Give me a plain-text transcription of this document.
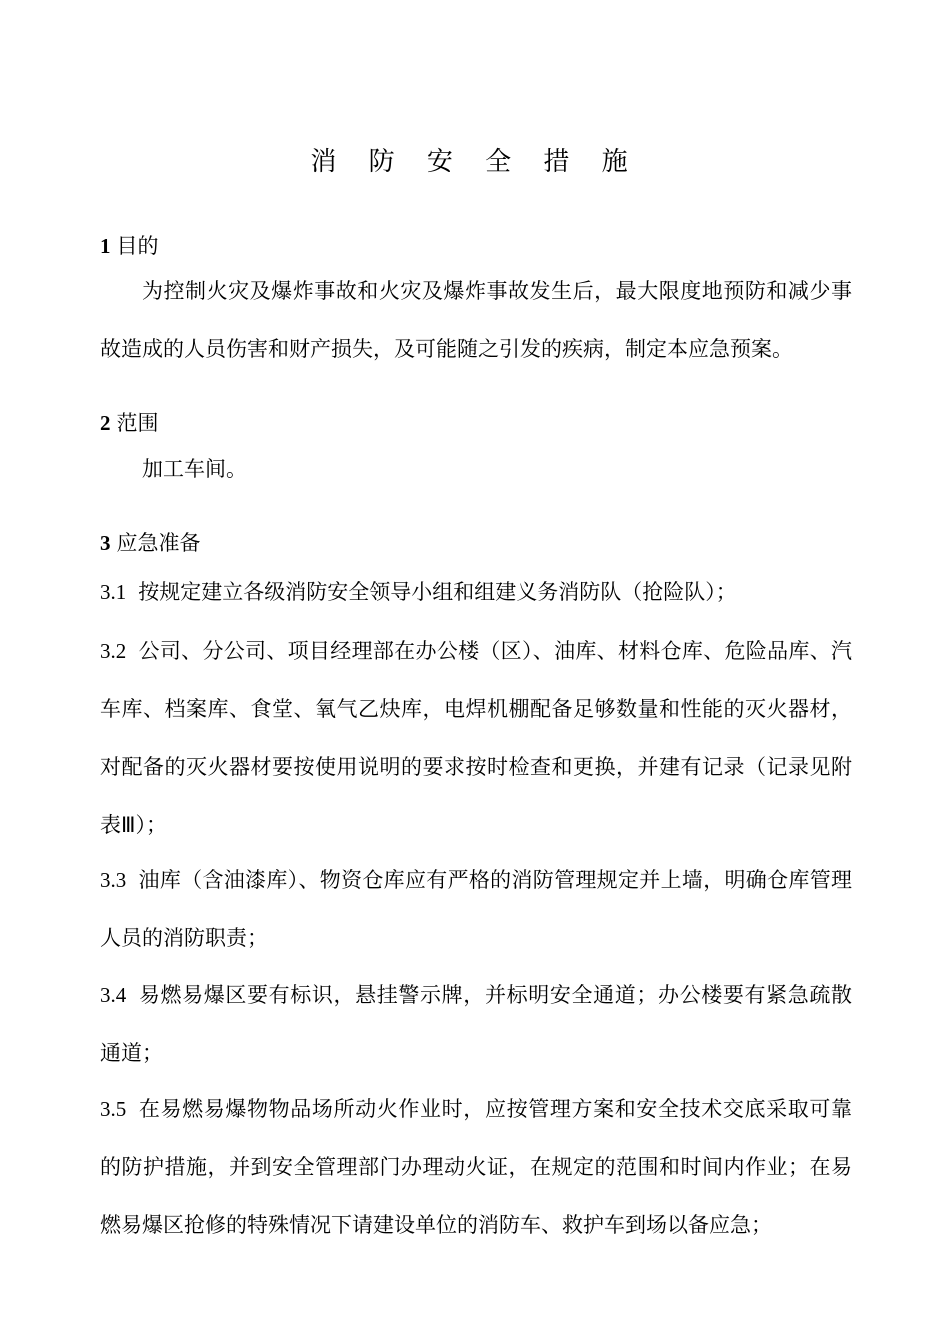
消 防 安 全 措 施
1 目的
为控制火灾及爆炸事故和火灾及爆炸事故发生后，最大限度地预防和减少事故造成的人员伤害和财产损失，及可能随之引发的疾病，制定本应急预案。
2 范围
加工车间。
3 应急准备
3.1 按规定建立各级消防安全领导小组和组建义务消防队（抢险队）；
3.2 公司、分公司、项目经理部在办公楼（区）、油库、材料仓库、危险品库、汽车库、档案库、食堂、氧气乙炔库，电焊机棚配备足够数量和性能的灭火器材，对配备的灭火器材要按使用说明的要求按时检查和更换，并建有记录（记录见附表Ⅲ）；
3.3 油库（含油漆库）、物资仓库应有严格的消防管理规定并上墙，明确仓库管理人员的消防职责；
3.4 易燃易爆区要有标识，悬挂警示牌，并标明安全通道；办公楼要有紧急疏散通道；
3.5 在易燃易爆物物品场所动火作业时，应按管理方案和安全技术交底采取可靠的防护措施，并到安全管理部门办理动火证，在规定的范围和时间内作业；在易燃易爆区抢修的特殊情况下请建设单位的消防车、救护车到场以备应急；
